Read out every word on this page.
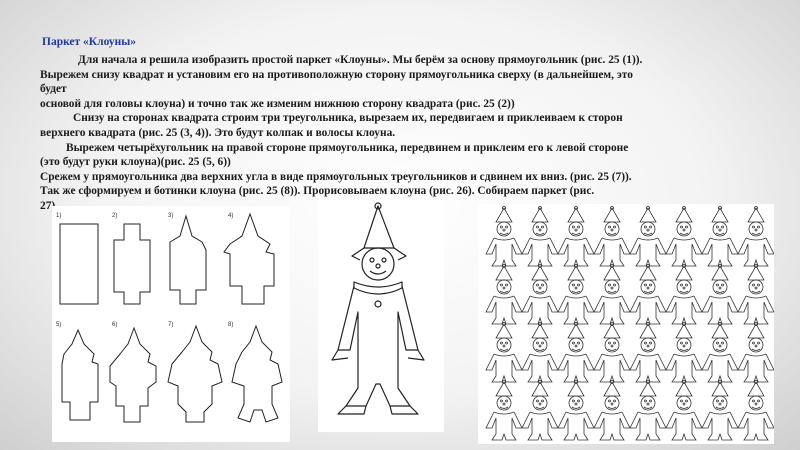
Паркет «Клоуны»
Для начала я решила изобразить простой паркет «Клоуны». Мы берём за основу прямоугольник (рис. 25 (1)).
Вырежем снизу квадрат и установим его на противоположную сторону прямоугольника сверху (в дальнейшем, это
будет
основой для головы клоуна) и точно так же изменим нижнюю сторону квадрата (рис. 25 (2))
Снизу на сторонах квадрата строим три треугольника, вырезаем их, передвигаем и приклеиваем к сторон
верхнего квадрата (рис. 25 (3, 4)). Это будут колпак и волосы клоуна.
Вырежем четырёхугольник на правой стороне прямоугольника, передвинем и приклеим его к левой стороне
(это будут руки клоуна)(рис. 25 (5, 6))
Срежем у прямоугольника два верхних угла в виде прямоугольных треугольников и сдвинем их вниз. (рис. 25 (7)).
Так же сформируем и ботинки клоуна (рис. 25 (8)). Прорисовываем клоуна (рис. 26). Собираем паркет (рис.
27).
1)	2)	3)	4)
5)	6)	7)	8)
